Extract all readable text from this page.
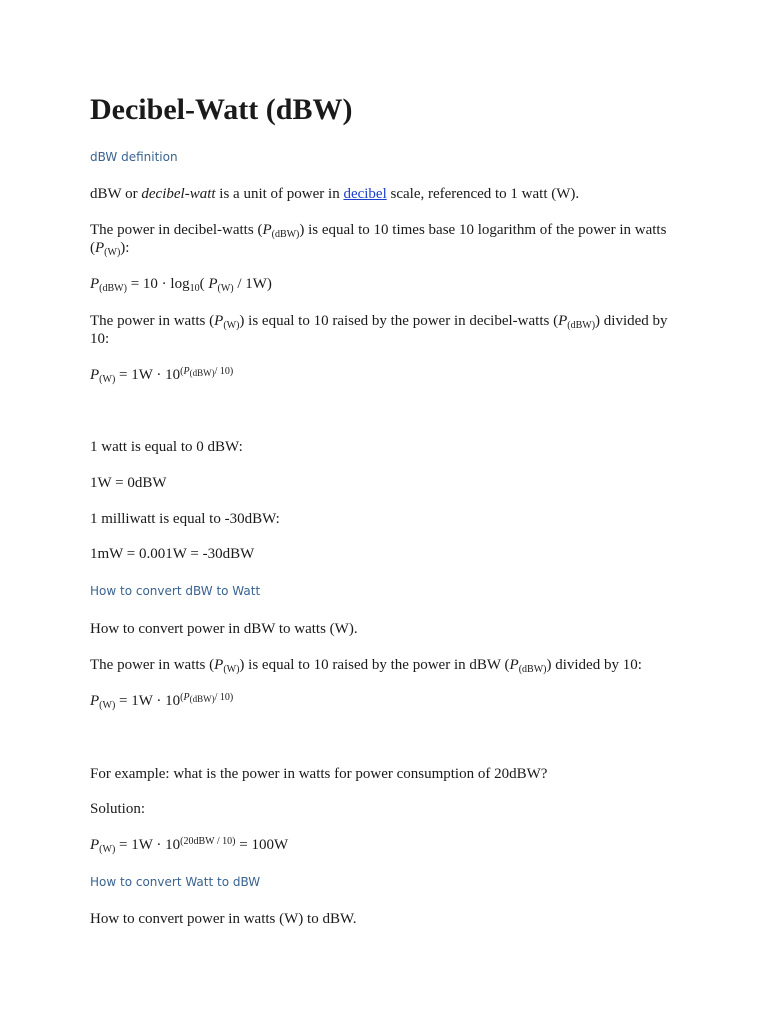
Decibel-Watt (dBW)
dBW definition

dBW or decibel-watt is a unit of power in decibel scale, referenced to 1 watt (W).

The power in decibel-watts $(P_{(dBW)})$ is equal to 10 times base 10 logarithm of the power in watts $(P_{(W)})$:

$P_{(dBW)} = 10 \cdot \log_{10}$( $P_{(W)} / 1W$)

The power in watts $(P_{(W)})$ is equal to 10 raised by the power in decibel-watts $(P_{(dBW)})$ divided by 10:

$P_{(W)} = 1W \cdot 10^{(P_{(dBW)}/ 10)}$

1 watt is equal to 0 dBW:

1W = 0dBW

1 milliwatt is equal to -30dBW:

1mW = 0.001W = -30dBW

How to convert dBW to Watt

How to convert power in dBW to watts (W).

The power in watts $(P_{(W)})$ is equal to 10 raised by the power in dBW $(P_{(dBW)})$ divided by 10:

$P_{(W)} = 1W \cdot 10^{(P_{(dBW)}/ 10)}$

For example: what is the power in watts for power consumption of 20dBW?

Solution:

$P_{(W)} = 1W \cdot 10^{(20dBW / 10)} = 100W$

How to convert Watt to dBW

How to convert power in watts (W) to dBW.
